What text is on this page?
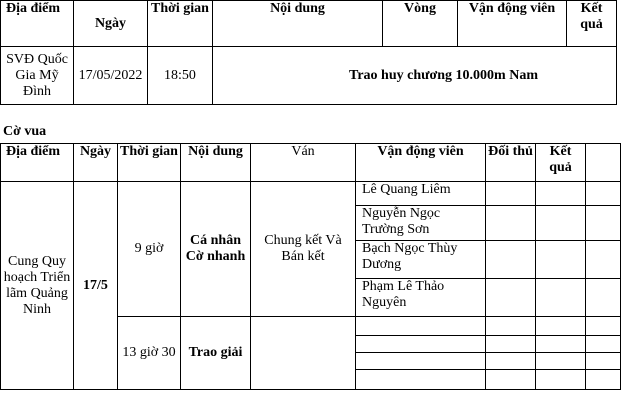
Địa điểm	Ngày	Thời gian	Nội dung	Vòng	Vận động viên	Kết quả
SVĐ Quốc Gia Mỹ Đình	17/05/2022	18:50	Trao huy chương 10.000m Nam			
Cờ vua
Địa điểm	Ngày	Thời gian	Nội dung	Ván	Vận động viên	Đối thủ	Kết quả	
Cung Quy hoạch Triển lãm Quảng Ninh	17/5	9 giờ	Cá nhân Cờ nhanh	Chung kết Và Bán kết	Lê Quang Liêm			
					Nguyễn Ngọc Trường Sơn			
					Bạch Ngọc Thùy Dương			
					Phạm Lê Thảo Nguyên			
		13 giờ 30	Trao giải					
